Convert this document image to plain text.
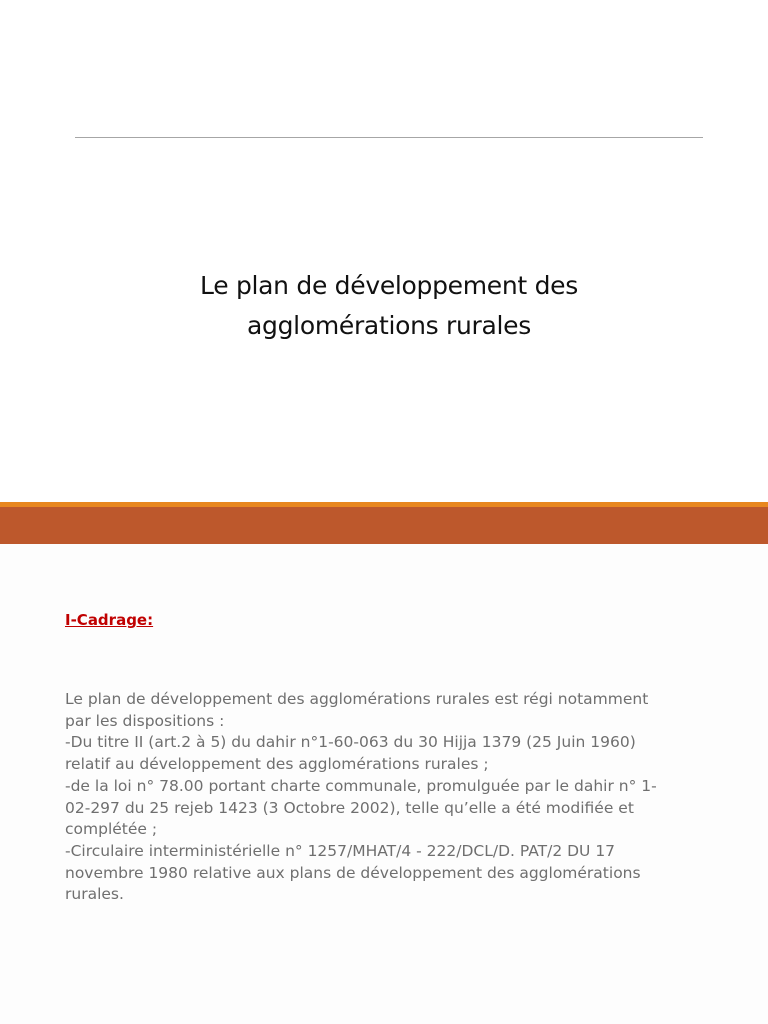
Le plan de développement des
agglomérations rurales
I-Cadrage:
Le plan de développement des agglomérations rurales est régi notamment
par les dispositions :
-Du titre II (art.2 à 5) du dahir n°1-60-063 du 30 Hijja 1379 (25 Juin 1960)
relatif au développement des agglomérations rurales ;
-de la loi n° 78.00 portant charte communale, promulguée par le dahir n° 1-
02-297 du 25 rejeb 1423 (3 Octobre 2002), telle qu’elle a été modifiée et
complétée ;
-Circulaire interministérielle n° 1257/MHAT/4 - 222/DCL/D. PAT/2 DU 17
novembre 1980 relative aux plans de développement des agglomérations
rurales.
